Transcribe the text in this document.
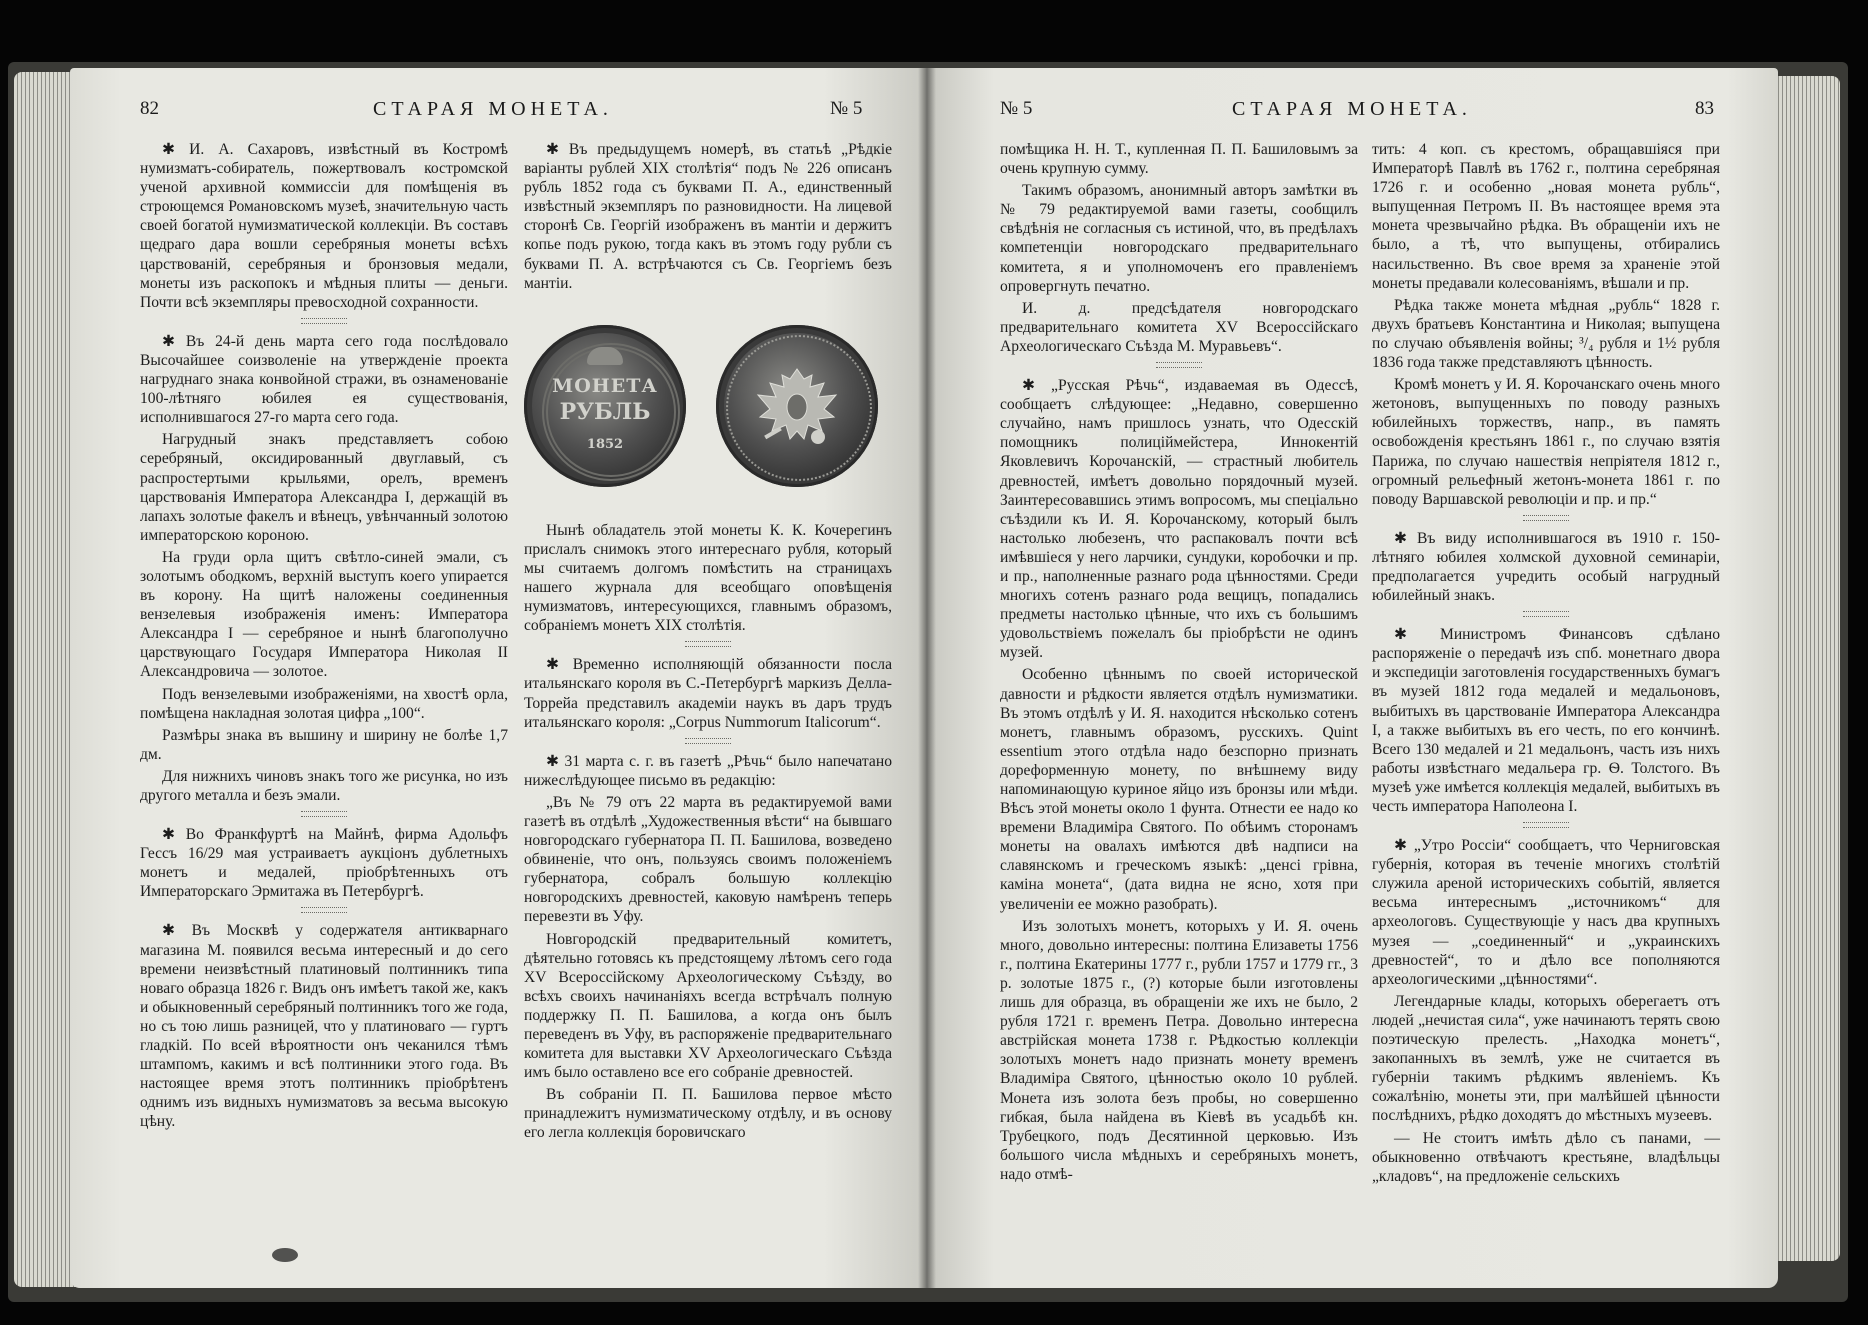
82	СТАРАЯ МОНЕТА.	№ 5	№ 5	СТАРАЯ МОНЕТА.	83

✱ И. А. Сахаровъ, извѣстный въ Костромѣ нумизматъ-собиратель, пожертвовалъ костромской ученой архивной коммиссіи для помѣщенія въ строющемся Романовскомъ музеѣ, значительную часть своей богатой нумизматической коллекціи. Въ составъ щедраго дара вошли серебряныя монеты всѣхъ царствованій, серебряныя и бронзовыя медали, монеты изъ раскопокъ и мѣдныя плиты — деньги. Почти всѣ экземпляры превосходной сохранности.

✱ Въ 24-й день марта сего года послѣдовало Высочайшее соизволеніе на утвержденіе проекта нагруднаго знака конвойной стражи, въ ознаменованіе 100-лѣтняго юбилея ея существованія, исполнившагося 27-го марта сего года.

Нагрудный знакъ представляетъ собою серебряный, оксидированный двуглавый, съ распростертыми крыльями, орелъ, временъ царствованія Императора Александра I, держащій въ лапахъ золотые факелъ и вѣнецъ, увѣнчанный золотою императорскою короною.

На груди орла щитъ свѣтло-синей эмали, съ золотымъ ободкомъ, верхній выступъ коего упирается въ корону. На щитѣ наложены соединенныя вензелевыя изображенія именъ: Императора Александра I — серебряное и нынѣ благополучно царствующаго Государя Императора Николая II Александровича — золотое.

Подъ вензелевыми изображеніями, на хвостѣ орла, помѣщена накладная золотая цифра „100“.

Размѣры знака въ вышину и ширину не болѣе 1,7 дм.

Для нижнихъ чиновъ знакъ того же рисунка, но изъ другого металла и безъ эмали.

✱ Во Франкфуртѣ на Майнѣ, фирма Адольфъ Гессъ 16/29 мая устраиваетъ аукціонъ дублетныхъ монетъ и медалей, пріобрѣтенныхъ отъ Императорскаго Эрмитажа въ Петербургѣ.

✱ Въ Москвѣ у содержателя антикварнаго магазина М. появился весьма интересный и до сего времени неизвѣстный платиновый полтинникъ типа новаго образца 1826 г. Видъ онъ имѣетъ такой же, какъ и обыкновенный серебряный полтинникъ того же года, но съ тою лишь разницей, что у платиноваго — гуртъ гладкій. По всей вѣроятности онъ чеканился тѣмъ штампомъ, какимъ и всѣ полтинники этого года. Въ настоящее время этотъ полтинникъ пріобрѣтенъ однимъ изъ видныхъ нумизматовъ за весьма высокую цѣну.

✱ Въ предыдущемъ номерѣ, въ статьѣ „Рѣдкіе варіанты рублей XIX столѣтія“ подъ № 226 описанъ рубль 1852 года съ буквами П. А., единственный извѣстный экземпляръ по разновидности. На лицевой сторонѣ Св. Георгій изображенъ въ мантіи и держитъ копье подъ рукою, тогда какъ въ этомъ году рубли съ буквами П. А. встрѣчаются съ Св. Георгіемъ безъ мантіи.

МОНЕТА
РУБЛЬ
1852

Нынѣ обладатель этой монеты К. К. Кочерегинъ прислалъ снимокъ этого интереснаго рубля, который мы считаемъ долгомъ помѣстить на страницахъ нашего журнала для всеобщаго оповѣщенія нумизматовъ, интересующихся, главнымъ образомъ, собраніемъ монетъ XIX столѣтія.

✱ Временно исполняющій обязанности посла итальянскаго короля въ С.-Петербургѣ маркизъ Делла-Торрейа представилъ академіи наукъ въ даръ трудъ итальянскаго короля: „Corpus Nummorum Italicorum“.

✱ 31 марта с. г. въ газетѣ „Рѣчь“ было напечатано нижеслѣдующее письмо въ редакцію:

„Въ № 79 отъ 22 марта въ редактируемой вами газетѣ въ отдѣлѣ „Художественныя вѣсти“ на бывшаго новгородскаго губернатора П. П. Башилова, возведено обвиненіе, что онъ, пользуясь своимъ положеніемъ губернатора, собралъ большую коллекцію новгородскихъ древностей, каковую намѣренъ теперь перевезти въ Уфу.

Новгородскій предварительный комитетъ, дѣятельно готовясь къ предстоящему лѣтомъ сего года XV Всероссійскому Археологическому Съѣзду, во всѣхъ своихъ начинаніяхъ всегда встрѣчалъ полную поддержку П. П. Башилова, а когда онъ былъ переведенъ въ Уфу, въ распоряженіе предварительнаго комитета для выставки XV Археологическаго Съѣзда имъ было оставлено все его собраніе древностей.

Въ собраніи П. П. Башилова первое мѣсто принадлежитъ нумизматическому отдѣлу, и въ основу его легла коллекція боровичскаго

помѣщика Н. Н. Т., купленная П. П. Башиловымъ за очень крупную сумму.

Такимъ образомъ, анонимный авторъ замѣтки въ № 79 редактируемой вами газеты, сообщилъ свѣдѣнія не согласныя съ истиной, что, въ предѣлахъ компетенціи новгородскаго предварительнаго комитета, я и уполномоченъ его правленіемъ опровергнуть печатно.

И. д. предсѣдателя новгородскаго предварительнаго комитета XV Всероссійскаго Археологическаго Съѣзда М. Муравьевъ“.

✱ „Русская Рѣчь“, издаваемая въ Одессѣ, сообщаетъ слѣдующее: „Недавно, совершенно случайно, намъ пришлось узнать, что Одесскій помощникъ полиціймейстера, Иннокентій Яковлевичъ Корочанскій, — страстный любитель древностей, имѣетъ довольно порядочный музей. Заинтересовавшись этимъ вопросомъ, мы спеціально съѣздили къ И. Я. Корочанскому, который былъ настолько любезенъ, что распаковалъ почти всѣ имѣвшіеся у него ларчики, сундуки, коробочки и пр. и пр., наполненные разнаго рода цѣнностями. Среди многихъ сотенъ разнаго рода вещицъ, попадались предметы настолько цѣнные, что ихъ съ большимъ удовольствіемъ пожелалъ бы пріобрѣсти не одинъ музей.

Особенно цѣннымъ по своей исторической давности и рѣдкости является отдѣлъ нумизматики. Въ этомъ отдѣлѣ у И. Я. находится нѣсколько сотенъ монетъ, главнымъ образомъ, русскихъ. Quint essentium этого отдѣла надо безспорно признать дореформенную монету, по внѣшнему виду напоминающую куриное яйцо изъ бронзы или мѣди. Вѣсъ этой монеты около 1 фунта. Отнести ее надо ко времени Владиміра Святого. По обѣимъ сторонамъ монеты на овалахъ имѣются двѣ надписи на славянскомъ и греческомъ языкѣ: „ценсі грівна, каміна монета“, (дата видна не ясно, хотя при увеличеніи ее можно разобрать).

Изъ золотыхъ монетъ, которыхъ у И. Я. очень много, довольно интересны: полтина Елизаветы 1756 г., полтина Екатерины 1777 г., рубли 1757 и 1779 гг., 3 р. золотые 1875 г., (?) которые были изготовлены лишь для образца, въ обращеніи же ихъ не было, 2 рубля 1721 г. временъ Петра. Довольно интересна австрійская монета 1738 г. Рѣдкостью коллекціи золотыхъ монетъ надо признать монету временъ Владиміра Святого, цѣнностью около 10 рублей. Монета изъ золота безъ пробы, но совершенно гибкая, была найдена въ Кіевѣ въ усадьбѣ кн. Трубецкого, подъ Десятинной церковью. Изъ большого числа мѣдныхъ и серебряныхъ монетъ, надо отмѣ-

тить: 4 коп. съ крестомъ, обращавшіяся при Императорѣ Павлѣ въ 1762 г., полтина серебряная 1726 г. и особенно „новая монета рубль“, выпущенная Петромъ II. Въ настоящее время эта монета чрезвычайно рѣдка. Въ обращеніи ихъ не было, а тѣ, что выпущены, отбирались насильственно. Въ свое время за храненіе этой монеты предавали колесованіямъ, вѣшали и пр.

Рѣдка также монета мѣдная „рубль“ 1828 г. двухъ братьевъ Константина и Николая; выпущена по случаю объявленія войны; ³/₄ рубля и 1½ рубля 1836 года также представляютъ цѣнность.

Кромѣ монетъ у И. Я. Корочанскаго очень много жетоновъ, выпущенныхъ по поводу разныхъ юбилейныхъ торжествъ, напр., въ память освобожденія крестьянъ 1861 г., по случаю взятія Парижа, по случаю нашествія непріятеля 1812 г., огромный рельефный жетонъ-монета 1861 г. по поводу Варшавской революціи и пр. и пр.“

✱ Въ виду исполнившагося въ 1910 г. 150-лѣтняго юбилея холмской духовной семинаріи, предполагается учредить особый нагрудный юбилейный знакъ.

✱ Министромъ Финансовъ сдѣлано распоряженіе о передачѣ изъ спб. монетнаго двора и экспедиціи заготовленія государственныхъ бумагъ въ музей 1812 года медалей и медальоновъ, выбитыхъ въ царствованіе Императора Александра I, а также выбитыхъ въ его честь, по его кончинѣ. Всего 130 медалей и 21 медальонъ, часть изъ нихъ работы извѣстнаго медальера гр. Ѳ. Толстого. Въ музеѣ уже имѣется коллекція медалей, выбитыхъ въ честь императора Наполеона I.

✱ „Утро Россіи“ сообщаетъ, что Черниговская губернія, которая въ теченіе многихъ столѣтій служила ареной историческихъ событій, является весьма интереснымъ „источникомъ“ для археологовъ. Существующіе у насъ два крупныхъ музея — „соединенный“ и „украинскихъ древностей“, то и дѣло все пополняются археологическими „цѣнностями“.

Легендарные клады, которыхъ оберегаетъ отъ людей „нечистая сила“, уже начинаютъ терять свою поэтическую прелесть. „Находка монетъ“, закопанныхъ въ землѣ, уже не считается въ губерніи такимъ рѣдкимъ явленіемъ. Къ сожалѣнію, монеты эти, при малѣйшей цѣнности послѣднихъ, рѣдко доходятъ до мѣстныхъ музеевъ.

— Не стоитъ имѣть дѣло съ панами, — обыкновенно отвѣчаютъ крестьяне, владѣльцы „кладовъ“, на предложеніе сельскихъ
